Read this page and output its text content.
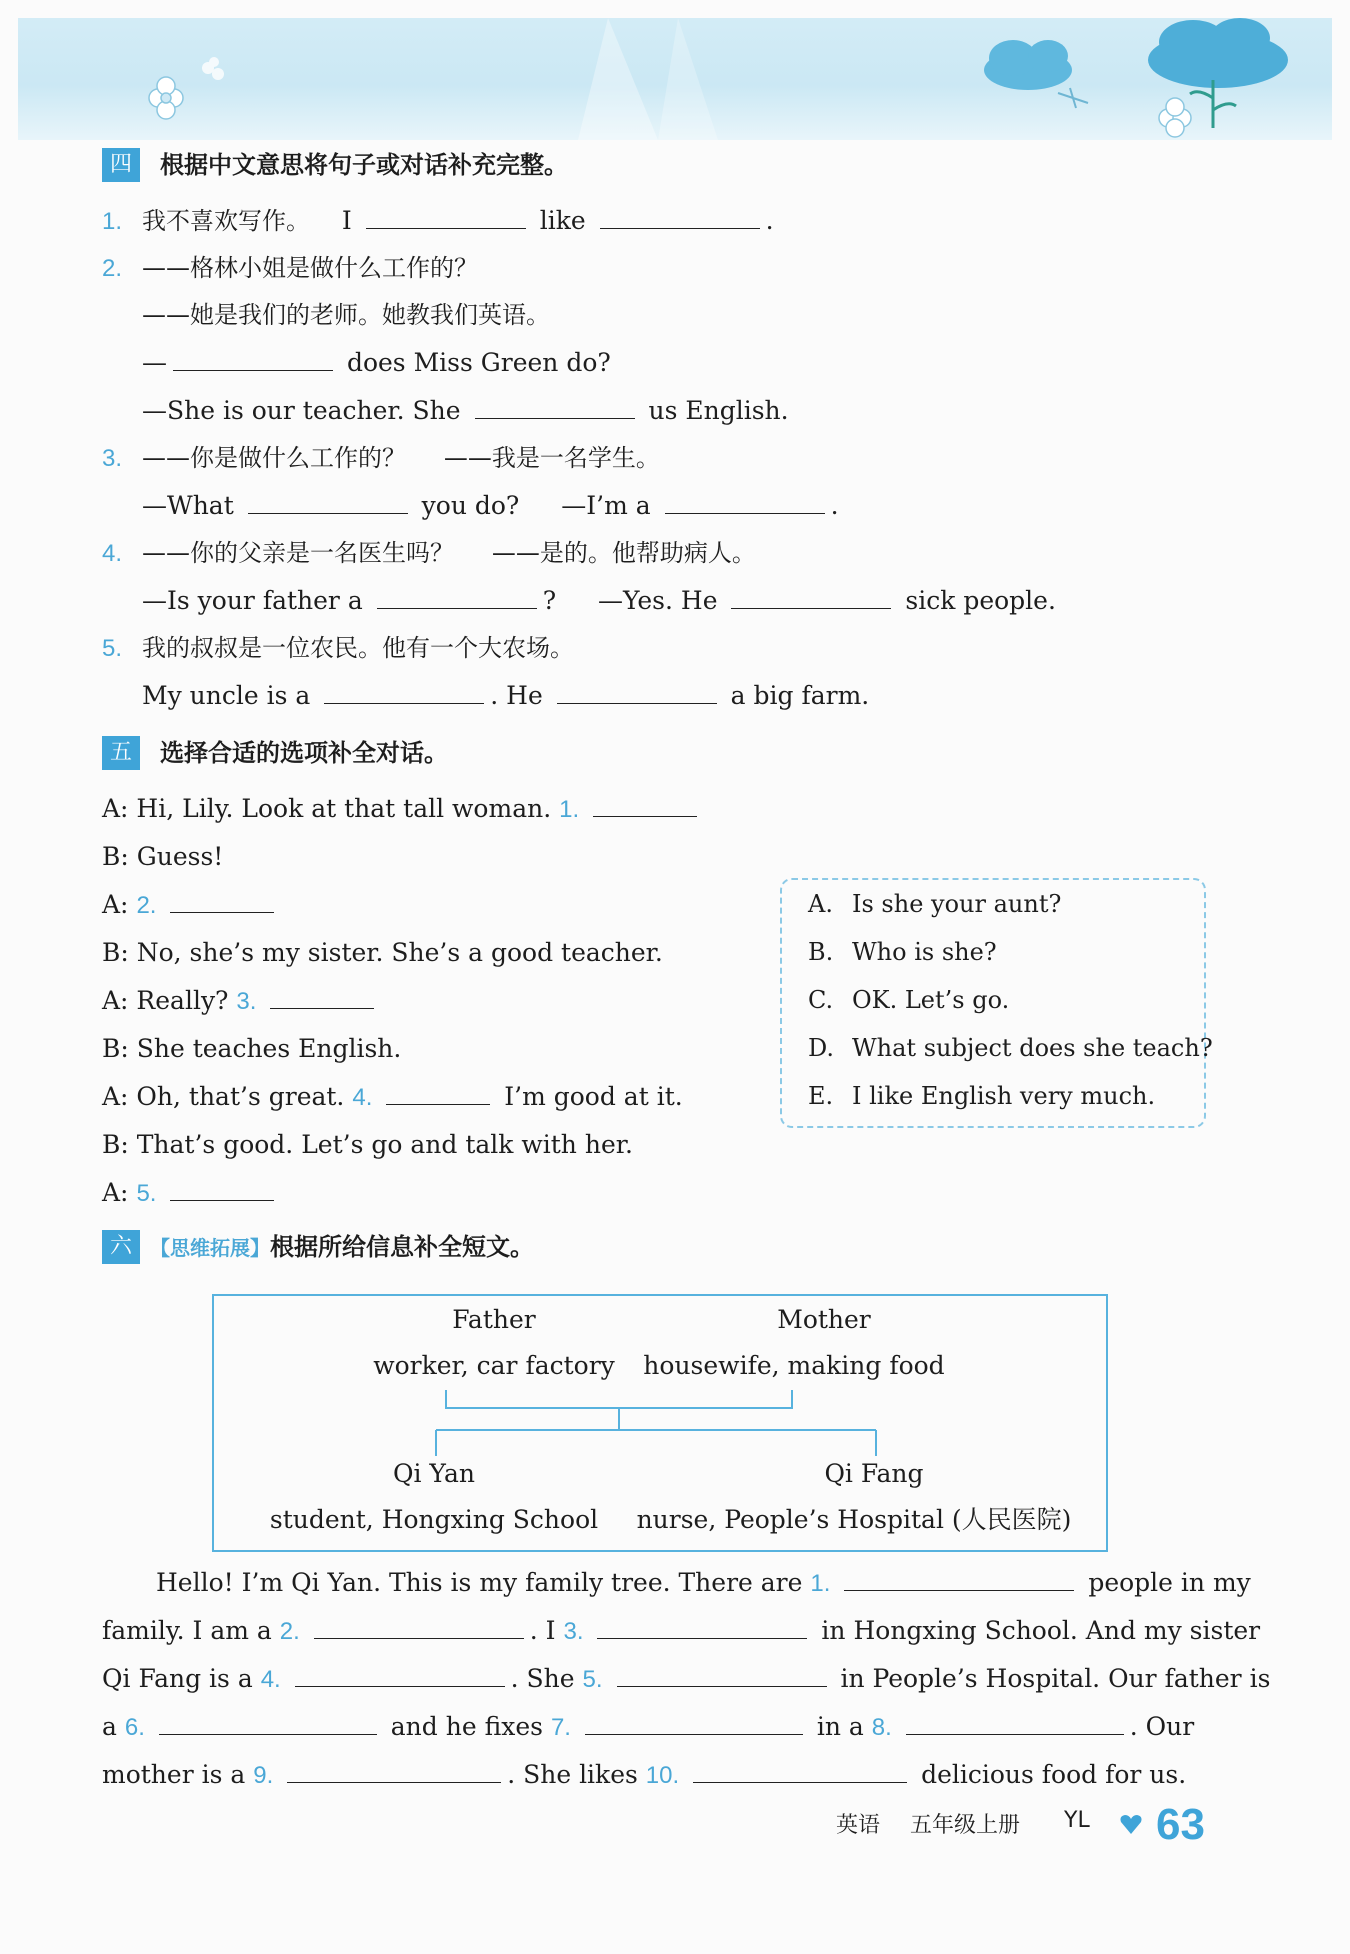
四	根据中文意思将句子或对话补充完整。
1. 我不喜欢写作。 I	like	.
2. ——格林小姐是做什么工作的？
——她是我们的老师。她教我们英语。
—	does Miss Green do?
—She is our teacher. She	us English.
3. ——你是做什么工作的？ ——我是一名学生。
—What	you do? —I’m a	.
4. ——你的父亲是一名医生吗？ ——是的。他帮助病人。
—Is your father a	? —Yes. He	sick people.
5. 我的叔叔是一位农民。他有一个大农场。
My uncle is a	. He	a big farm.
五	选择合适的选项补全对话。
A: Hi, Lily. Look at that tall woman. 1.
B: Guess!
A: 2.
B: No, she’s my sister. She’s a good teacher.
A: Really? 3.
B: She teaches English.
A: Oh, that’s great. 4.	I’m good at it.
B: That’s good. Let’s go and talk with her.
A: 5.
A. Is she your aunt?
B. Who is she?
C. OK. Let’s go.
D. What subject does she teach?
E. I like English very much.
六 【思维拓展】根据所给信息补全短文。
Father
worker, car factory
Mother
housewife, making food
Qi Yan
student, Hongxing School
Qi Fang
nurse, People’s Hospital (人民医院)
Hello! I’m Qi Yan. This is my family tree. There are 1.	people in my
family. I am a 2.	. I 3.	in Hongxing School. And my sister
Qi Fang is a 4.	. She 5.	in People’s Hospital. Our father is
a 6.	and he fixes 7.	in a 8.	. Our
mother is a 9.	. She likes 10.	delicious food for us.
英语 五年级上册 YL 63
